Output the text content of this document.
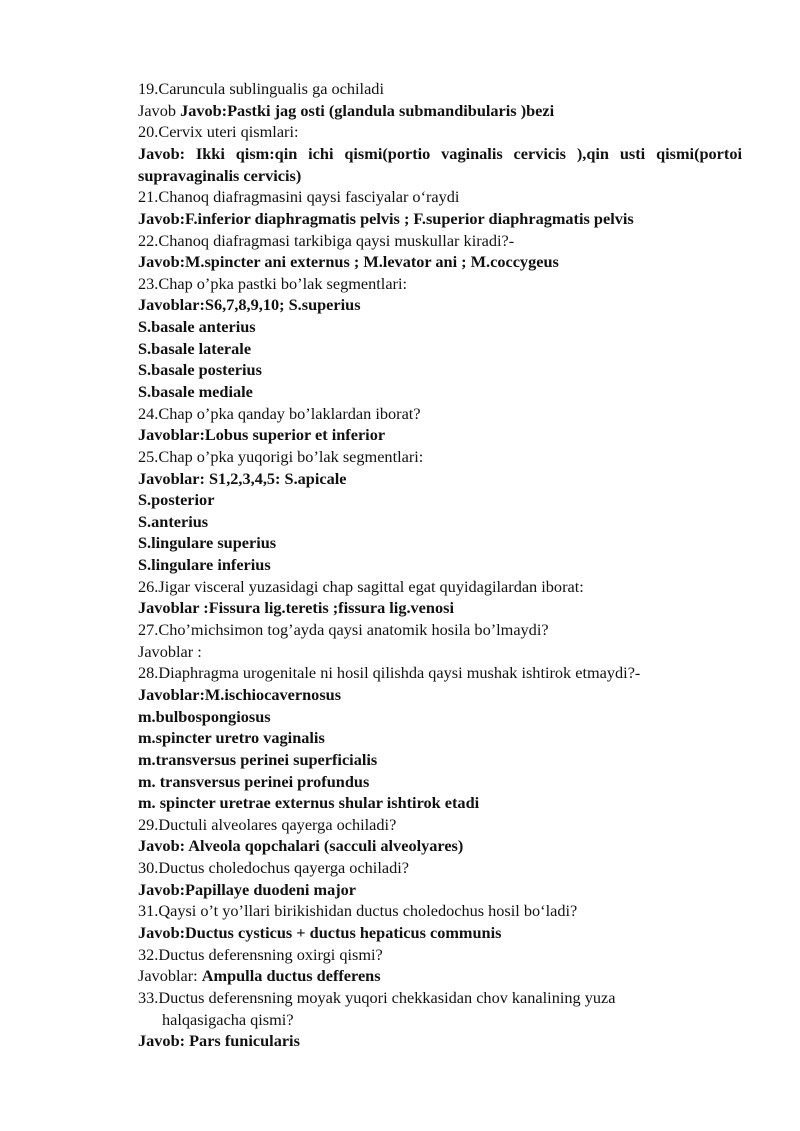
19.Caruncula sublingualis ga ochiladi
Javob Javob:Pastki jag osti (glandula submandibularis )bezi
20.Cervix uteri qismlari:
Javob: Ikki qism:qin ichi qismi(portio vaginalis cervicis ),qin usti qismi(portoi supravaginalis cervicis)
21.Chanoq diafragmasini qaysi fasciyalar o‘raydi
Javob:F.inferior diaphragmatis pelvis ; F.superior diaphragmatis pelvis
22.Chanoq diafragmasi tarkibiga qaysi muskullar kiradi?-
Javob:M.spincter ani externus ; M.levator ani ; M.coccygeus
23.Chap o’pka pastki bo’lak segmentlari:
Javoblar:S6,7,8,9,10; S.superius
S.basale anterius
S.basale laterale
S.basale posterius
S.basale mediale
24.Chap o’pka qanday bo’laklardan iborat?
Javoblar:Lobus superior et inferior
25.Chap o’pka yuqorigi bo’lak segmentlari:
Javoblar: S1,2,3,4,5: S.apicale
S.posterior
S.anterius
S.lingulare superius
S.lingulare inferius
26.Jigar visceral yuzasidagi chap sagittal egat quyidagilardan iborat:
Javoblar :Fissura lig.teretis ;fissura lig.venosi
27.Cho’michsimon tog’ayda qaysi anatomik hosila bo’lmaydi?
Javoblar :
28.Diaphragma urogenitale ni hosil qilishda qaysi mushak ishtirok etmaydi?-
Javoblar:M.ischiocavernosus
m.bulbospongiosus
m.spincter uretro vaginalis
m.transversus perinei superficialis
m. transversus perinei profundus
m. spincter uretrae externus shular ishtirok etadi
29.Ductuli alveolares qayerga ochiladi?
Javob: Alveola qopchalari (sacculi alveolyares)
30.Ductus choledochus qayerga ochiladi?
Javob:Papillaye duodeni major
31.Qaysi o’t yo’llari birikishidan ductus choledochus hosil bo‘ladi?
Javob:Ductus cysticus + ductus hepaticus communis
32.Ductus deferensning oxirgi qismi?
Javoblar: Ampulla ductus defferens
33.Ductus deferensning moyak yuqori chekkasidan chov kanalining yuza
halqasigacha qismi?
Javob: Pars funicularis
